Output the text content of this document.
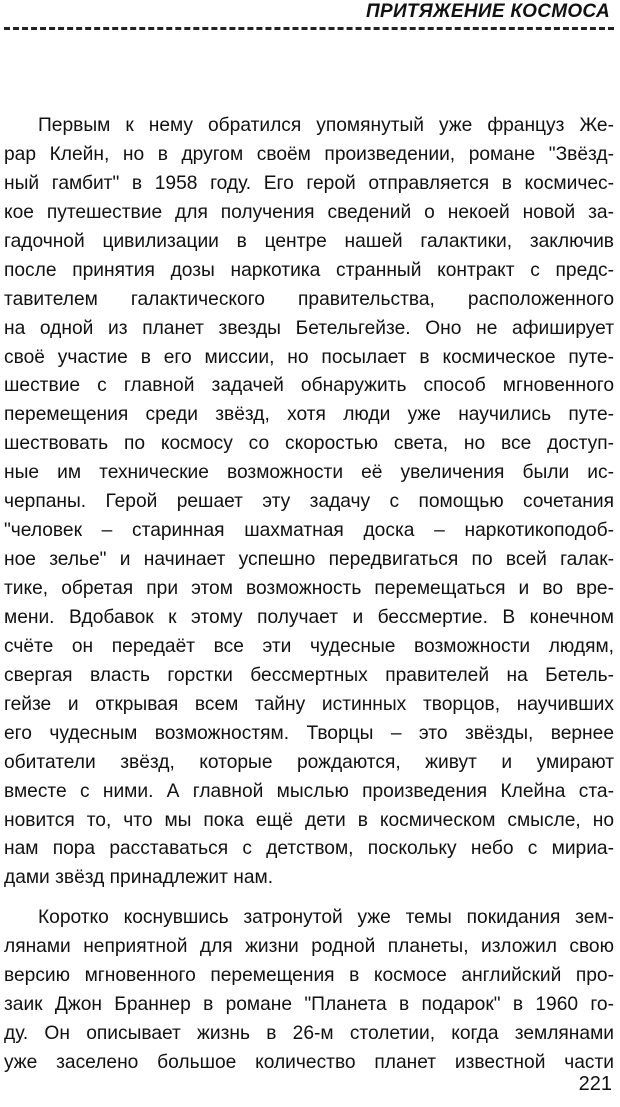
ПРИТЯЖЕНИЕ КОСМОСА
Первым к нему обратился упомянутый уже француз Же-
рар Клейн, но в другом своём произведении, романе "Звёзд-
ный гамбит" в 1958 году. Его герой отправляется в космичес-
кое путешествие для получения сведений о некоей новой за-
гадочной цивилизации в центре нашей галактики, заключив
после принятия дозы наркотика странный контракт с предс-
тавителем галактического правительства, расположенного
на одной из планет звезды Бетельгейзе. Оно не афиширует
своё участие в его миссии, но посылает в космическое путе-
шествие с главной задачей обнаружить способ мгновенного
перемещения среди звёзд, хотя люди уже научились путе-
шествовать по космосу со скоростью света, но все доступ-
ные им технические возможности её увеличения были ис-
черпаны. Герой решает эту задачу с помощью сочетания
"человек – старинная шахматная доска – наркотикоподоб-
ное зелье" и начинает успешно передвигаться по всей галак-
тике, обретая при этом возможность перемещаться и во вре-
мени. Вдобавок к этому получает и бессмертие. В конечном
счёте он передаёт все эти чудесные возможности людям,
свергая власть горстки бессмертных правителей на Бетель-
гейзе и открывая всем тайну истинных творцов, научивших
его чудесным возможностям. Творцы – это звёзды, вернее
обитатели звёзд, которые рождаются, живут и умирают
вместе с ними. А главной мыслью произведения Клейна ста-
новится то, что мы пока ещё дети в космическом смысле, но
нам пора расставаться с детством, поскольку небо с мириа-
дами звёзд принадлежит нам.
Коротко коснувшись затронутой уже темы покидания зем-
лянами неприятной для жизни родной планеты, изложил свою
версию мгновенного перемещения в космосе английский про-
заик Джон Браннер в романе "Планета в подарок" в 1960 го-
ду. Он описывает жизнь в 26-м столетии, когда землянами
уже заселено большое количество планет известной части
221
